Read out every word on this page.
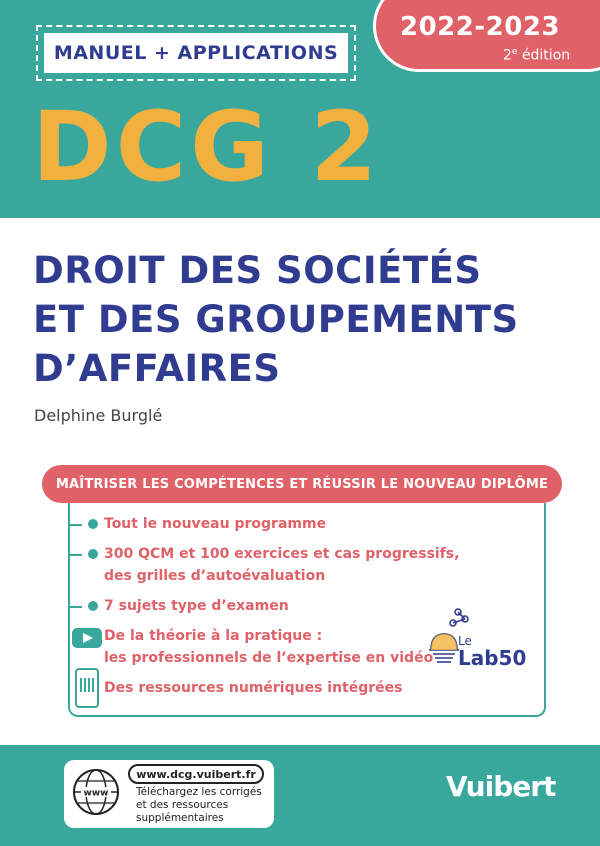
MANUEL + APPLICATIONS
2022-2023
2e édition
DCG 2
DROIT DES SOCIÉTÉS
ET DES GROUPEMENTS
D’AFFAIRES
Delphine Burglé
MAÎTRISER LES COMPÉTENCES ET RÉUSSIR LE NOUVEAU DIPLÔME
Tout le nouveau programme
300 QCM et 100 exercices et cas progressifs,
des grilles d’autoévaluation
7 sujets type d’examen
De la théorie à la pratique :
les professionnels de l’expertise en vidéo
Des ressources numériques intégrées
Le
Lab50
www
www.dcg.vuibert.fr
Téléchargez les corrigés et des ressources supplémentaires
Vuibert
